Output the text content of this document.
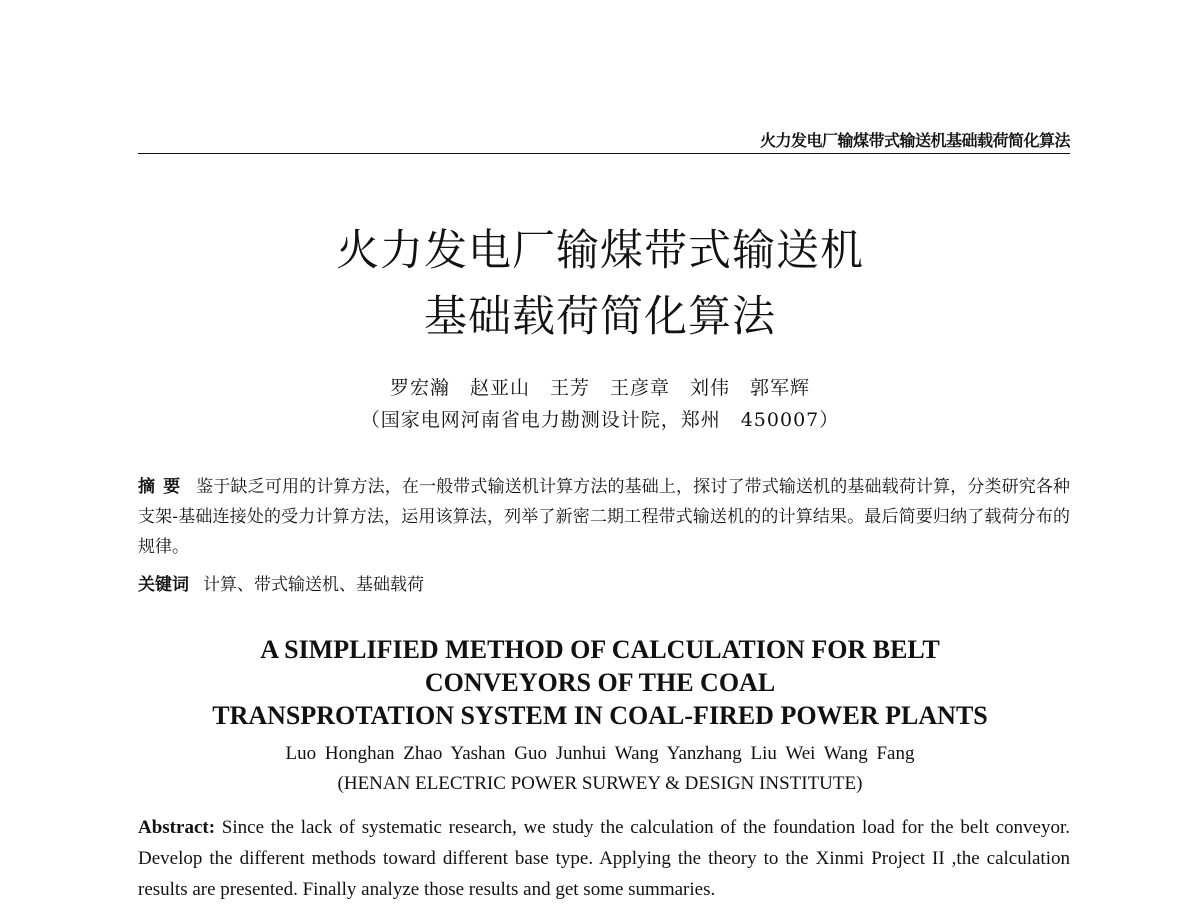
火力发电厂输煤带式输送机基础载荷简化算法
火力发电厂输煤带式输送机
基础载荷简化算法
罗宏瀚　赵亚山　王芳　王彦章　刘伟　郭军辉
（国家电网河南省电力勘测设计院，郑州　450007）
摘要 鉴于缺乏可用的计算方法，在一般带式输送机计算方法的基础上，探讨了带式输送机的基础载荷计算，分类研究各种支架-基础连接处的受力计算方法，运用该算法，列举了新密二期工程带式输送机的的计算结果。最后简要归纳了载荷分布的规律。
关键词 计算、带式输送机、基础载荷
A SIMPLIFIED METHOD OF CALCULATION FOR BELT
CONVEYORS OF THE COAL
TRANSPROTATION SYSTEM IN COAL-FIRED POWER PLANTS
Luo Honghan Zhao Yashan Guo Junhui Wang Yanzhang Liu Wei Wang Fang
(HENAN ELECTRIC POWER SURWEY & DESIGN INSTITUTE)
Abstract: Since the lack of systematic research, we study the calculation of the foundation load for the belt conveyor. Develop the different methods toward different base type. Applying the theory to the Xinmi Project II ,the calculation results are presented. Finally analyze those results and get some summaries.
